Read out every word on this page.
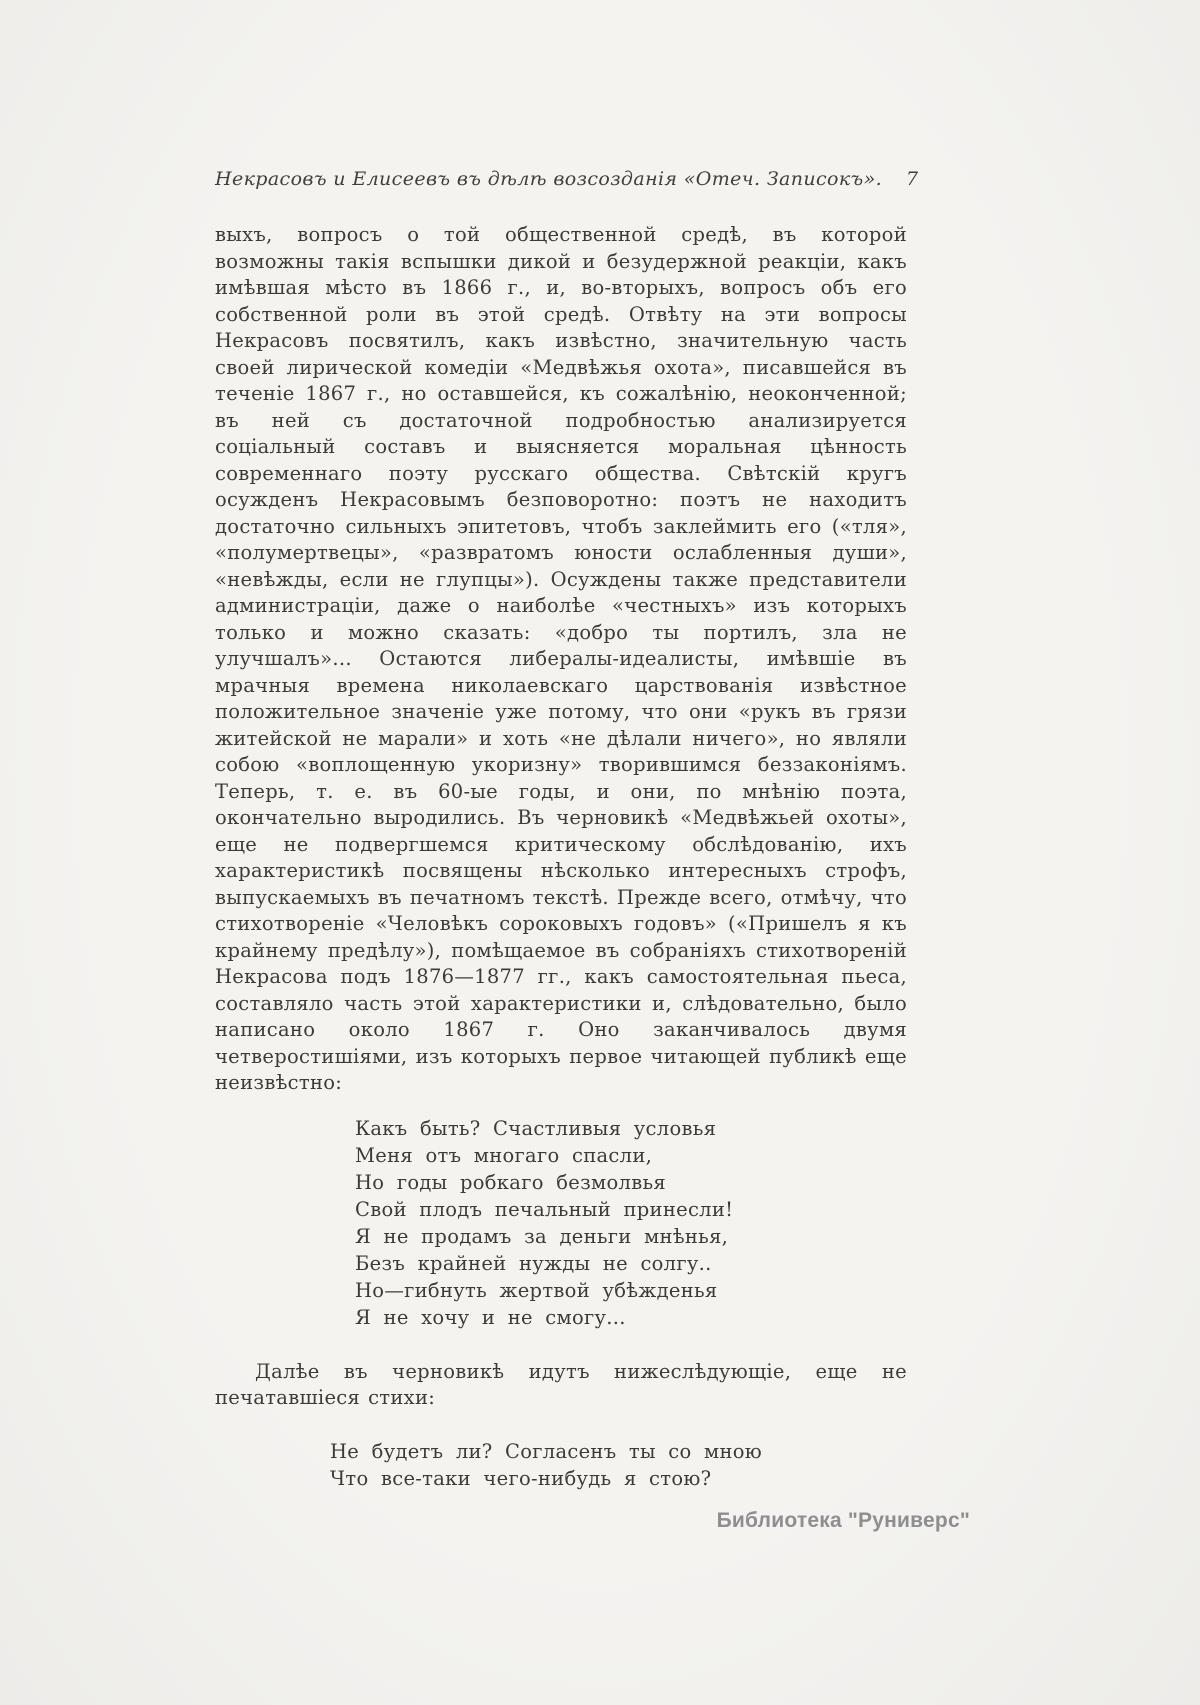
Некрасовъ и Елисеевъ въ дѣлѣ возсозданія «Отеч. Записокъ». 7

выхъ, вопросъ о той общественной средѣ, въ которой возможны такія вспышки дикой и безудержной реакціи, какъ имѣвшая мѣсто въ 1866 г., и, во-вторыхъ, вопросъ объ его собственной роли въ этой средѣ. Отвѣту на эти вопросы Некрасовъ посвятилъ, какъ извѣстно, значительную часть своей лирической комедіи «Медвѣжья охота», писавшейся въ теченіе 1867 г., но оставшейся, къ сожалѣнію, неоконченной; въ ней съ достаточной подробностью анализируется соціальный составъ и выясняется моральная цѣнность современнаго поэту русскаго общества. Свѣтскій кругъ осужденъ Некрасовымъ безповоротно: поэтъ не находитъ достаточно сильныхъ эпитетовъ, чтобъ заклеймить его («тля», «полумертвецы», «развратомъ юности ослабленныя души», «невѣжды, если не глупцы»). Осуждены также представители администраціи, даже о наиболѣе «честныхъ» изъ которыхъ только и можно сказать: «добро ты портилъ, зла не улучшалъ»... Остаются либералы-идеалисты, имѣвшіе въ мрачныя времена николаевскаго царствованія извѣстное положительное значеніе уже потому, что они «рукъ въ грязи житейской не марали» и хоть «не дѣлали ничего», но являли собою «воплощенную укоризну» творившимся беззаконіямъ. Теперь, т. е. въ 60-ые годы, и они, по мнѣнію поэта, окончательно выродились. Въ черновикѣ «Медвѣжьей охоты», еще не подвергшемся критическому обслѣдованію, ихъ характеристикѣ посвящены нѣсколько интересныхъ строфъ, выпускаемыхъ въ печатномъ текстѣ. Прежде всего, отмѣчу, что стихотвореніе «Человѣкъ сороковыхъ годовъ» («Пришелъ я къ крайнему предѣлу»), помѣщаемое въ собраніяхъ стихотвореній Некрасова подъ 1876—1877 гг., какъ самостоятельная пьеса, составляло часть этой характеристики и, слѣдовательно, было написано около 1867 г. Оно заканчивалось двумя четверостишіями, изъ которыхъ первое читающей публикѣ еще неизвѣстно:

Какъ быть? Счастливыя условья
Меня отъ многаго спасли,
Но годы робкаго безмолвья
Свой плодъ печальный принесли!
Я не продамъ за деньги мнѣнья,
Безъ крайней нужды не солгу..
Но—гибнуть жертвой убѣжденья
Я не хочу и не смогу...

Далѣе въ черновикѣ идутъ нижеслѣдующіе, еще не печатавшіеся стихи:

Не будетъ ли? Согласенъ ты со мною
Что все-таки чего-нибудь я стою?
Библиотека "Руниверс"
